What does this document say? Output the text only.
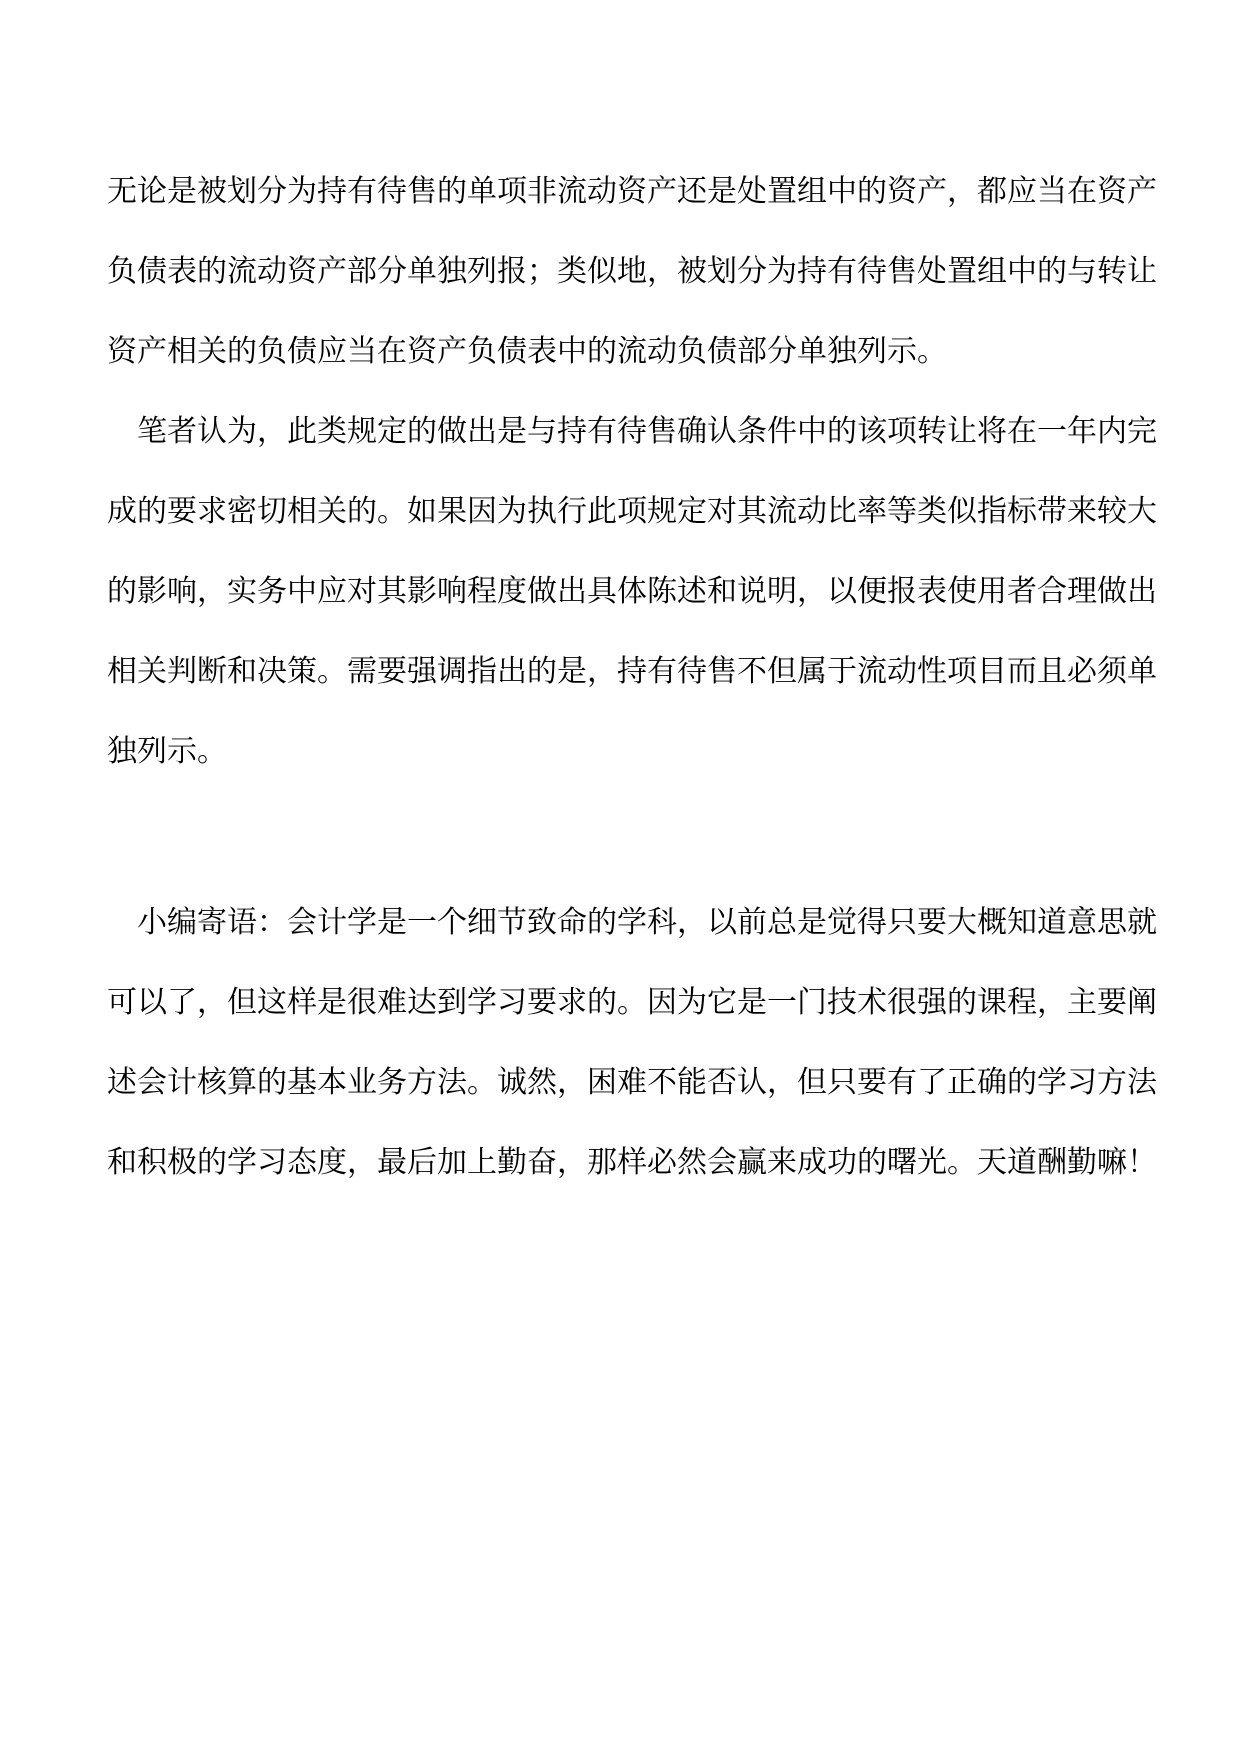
无论是被划分为持有待售的单项非流动资产还是处置组中的资产，都应当在资产
负债表的流动资产部分单独列报；类似地，被划分为持有待售处置组中的与转让
资产相关的负债应当在资产负债表中的流动负债部分单独列示。
笔者认为，此类规定的做出是与持有待售确认条件中的该项转让将在一年内完
成的要求密切相关的。如果因为执行此项规定对其流动比率等类似指标带来较大
的影响，实务中应对其影响程度做出具体陈述和说明，以便报表使用者合理做出
相关判断和决策。需要强调指出的是，持有待售不但属于流动性项目而且必须单
独列示。
小编寄语：会计学是一个细节致命的学科，以前总是觉得只要大概知道意思就
可以了，但这样是很难达到学习要求的。因为它是一门技术很强的课程，主要阐
述会计核算的基本业务方法。诚然，困难不能否认，但只要有了正确的学习方法
和积极的学习态度，最后加上勤奋，那样必然会赢来成功的曙光。天道酬勤嘛！
